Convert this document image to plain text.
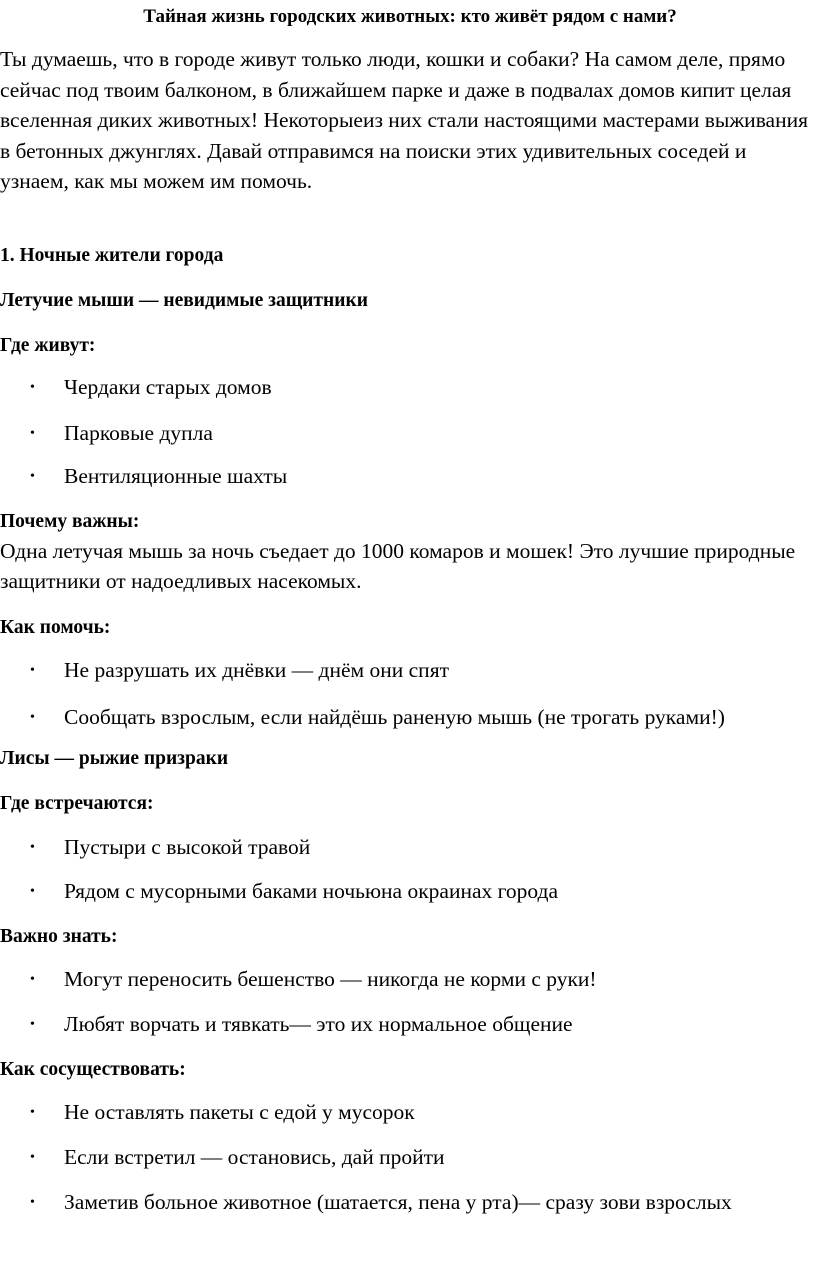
Тайная жизнь городских животных: кто живёт рядом с нами?
Ты думаешь, что в городе живут только люди, кошки и собаки? На самом деле, прямо сейчас под твоим балконом, в ближайшем парке и даже в подвалах домов кипит целая вселенная диких животных! Некоторыеиз них стали настоящими мастерами выживания в бетонных джунглях. Давай отправимся на поиски этих удивительных соседей и узнаем, как мы можем им помочь.
1. Ночные жители города
Летучие мыши — невидимые защитники
Где живут:
• Чердаки старых домов
• Парковые дупла
• Вентиляционные шахты
Почему важны:
Одна летучая мышь за ночь съедает до 1000 комаров и мошек! Это лучшие природные защитники от надоедливых насекомых.
Как помочь:
• Не разрушать их днёвки — днём они спят
• Сообщать взрослым, если найдёшь раненую мышь (не трогать руками!)
Лисы — рыжие призраки
Где встречаются:
• Пустыри с высокой травой
• Рядом с мусорными баками ночьюна окраинах города
Важно знать:
• Могут переносить бешенство — никогда не корми с руки!
• Любят ворчать и тявкать— это их нормальное общение
Как сосуществовать:
• Не оставлять пакеты с едой у мусорок
• Если встретил — остановись, дай пройти
• Заметив больное животное (шатается, пена у рта)— сразу зови взрослых
